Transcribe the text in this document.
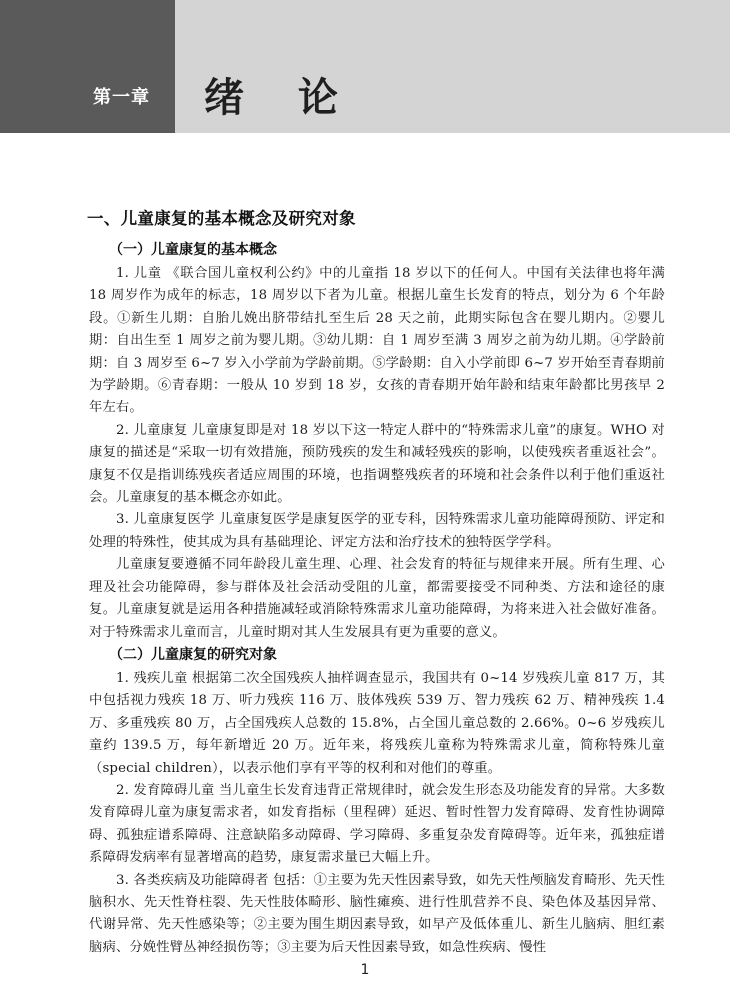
第一章 绪 论
一、儿童康复的基本概念及研究对象
（一）儿童康复的基本概念

1. 儿童 《联合国儿童权利公约》中的儿童指 18 岁以下的任何人。中国有关法律也将年满 18 周岁作为成年的标志，18 周岁以下者为儿童。根据儿童生长发育的特点，划分为 6 个年龄段。①新生儿期：自胎儿娩出脐带结扎至生后 28 天之前，此期实际包含在婴儿期内。②婴儿期：自出生至 1 周岁之前为婴儿期。③幼儿期：自 1 周岁至满 3 周岁之前为幼儿期。④学龄前期：自 3 周岁至 6~7 岁入小学前为学龄前期。⑤学龄期：自入小学前即 6~7 岁开始至青春期前为学龄期。⑥青春期：一般从 10 岁到 18 岁，女孩的青春期开始年龄和结束年龄都比男孩早 2 年左右。

2. 儿童康复 儿童康复即是对 18 岁以下这一特定人群中的“特殊需求儿童”的康复。WHO 对康复的描述是“采取一切有效措施，预防残疾的发生和减轻残疾的影响，以使残疾者重返社会”。康复不仅是指训练残疾者适应周围的环境，也指调整残疾者的环境和社会条件以利于他们重返社会。儿童康复的基本概念亦如此。

3. 儿童康复医学 儿童康复医学是康复医学的亚专科，因特殊需求儿童功能障碍预防、评定和处理的特殊性，使其成为具有基础理论、评定方法和治疗技术的独特医学学科。

儿童康复要遵循不同年龄段儿童生理、心理、社会发育的特征与规律来开展。所有生理、心理及社会功能障碍，参与群体及社会活动受阻的儿童，都需要接受不同种类、方法和途径的康复。儿童康复就是运用各种措施减轻或消除特殊需求儿童功能障碍，为将来进入社会做好准备。对于特殊需求儿童而言，儿童时期对其人生发展具有更为重要的意义。

（二）儿童康复的研究对象

1. 残疾儿童 根据第二次全国残疾人抽样调查显示，我国共有 0~14 岁残疾儿童 817 万，其中包括视力残疾 18 万、听力残疾 116 万、肢体残疾 539 万、智力残疾 62 万、精神残疾 1.4 万、多重残疾 80 万，占全国残疾人总数的 15.8%，占全国儿童总数的 2.66%。0~6 岁残疾儿童约 139.5 万，每年新增近 20 万。近年来，将残疾儿童称为特殊需求儿童，简称特殊儿童（special children），以表示他们享有平等的权利和对他们的尊重。

2. 发育障碍儿童 当儿童生长发育违背正常规律时，就会发生形态及功能发育的异常。大多数发育障碍儿童为康复需求者，如发育指标（里程碑）延迟、暂时性智力发育障碍、发育性协调障碍、孤独症谱系障碍、注意缺陷多动障碍、学习障碍、多重复杂发育障碍等。近年来，孤独症谱系障碍发病率有显著增高的趋势，康复需求量已大幅上升。

3. 各类疾病及功能障碍者 包括：①主要为先天性因素导致，如先天性颅脑发育畸形、先天性脑积水、先天性脊柱裂、先天性肢体畸形、脑性瘫痪、进行性肌营养不良、染色体及基因异常、代谢异常、先天性感染等；②主要为围生期因素导致，如早产及低体重儿、新生儿脑病、胆红素脑病、分娩性臂丛神经损伤等；③主要为后天性因素导致，如急性疾病、慢性

1
